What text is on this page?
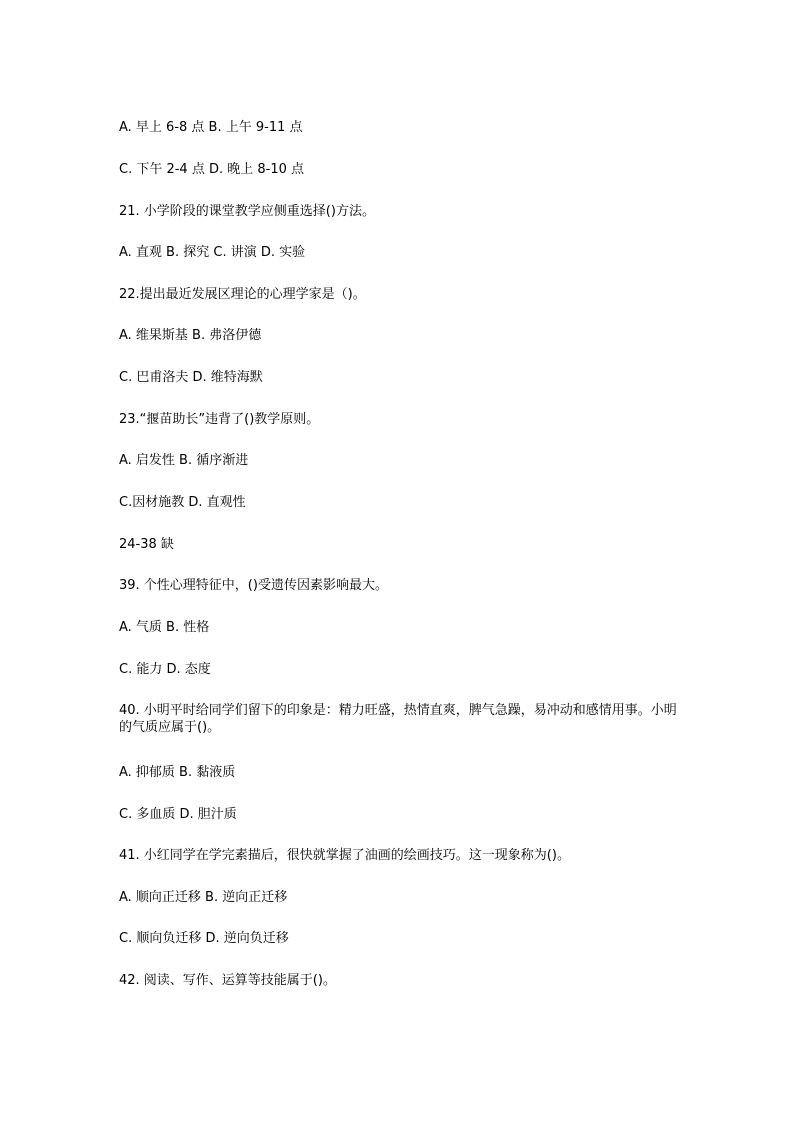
A. 早上 6-8 点 B. 上午 9-11 点
C. 下午 2-4 点 D. 晚上 8-10 点
21. 小学阶段的课堂教学应侧重选择()方法。
A. 直观 B. 探究 C. 讲演 D. 实验
22.提出最近发展区理论的心理学家是（)。
A. 维果斯基 B. 弗洛伊德
C. 巴甫洛夫 D. 维特海默
23.“揠苗助长”违背了()教学原则。
A. 启发性 B. 循序渐进
C.因材施教 D. 直观性
24-38 缺
39. 个性心理特征中，()受遗传因素影响最大。
A. 气质 B. 性格
C. 能力 D. 态度
40. 小明平时给同学们留下的印象是：精力旺盛，热情直爽，脾气急躁，易冲动和感情用事。小明的气质应属于()。
A. 抑郁质 B. 黏液质
C. 多血质 D. 胆汁质
41. 小红同学在学完素描后，很快就掌握了油画的绘画技巧。这一现象称为()。
A. 顺向正迁移 B. 逆向正迁移
C. 顺向负迁移 D. 逆向负迁移
42. 阅读、写作、运算等技能属于()。
